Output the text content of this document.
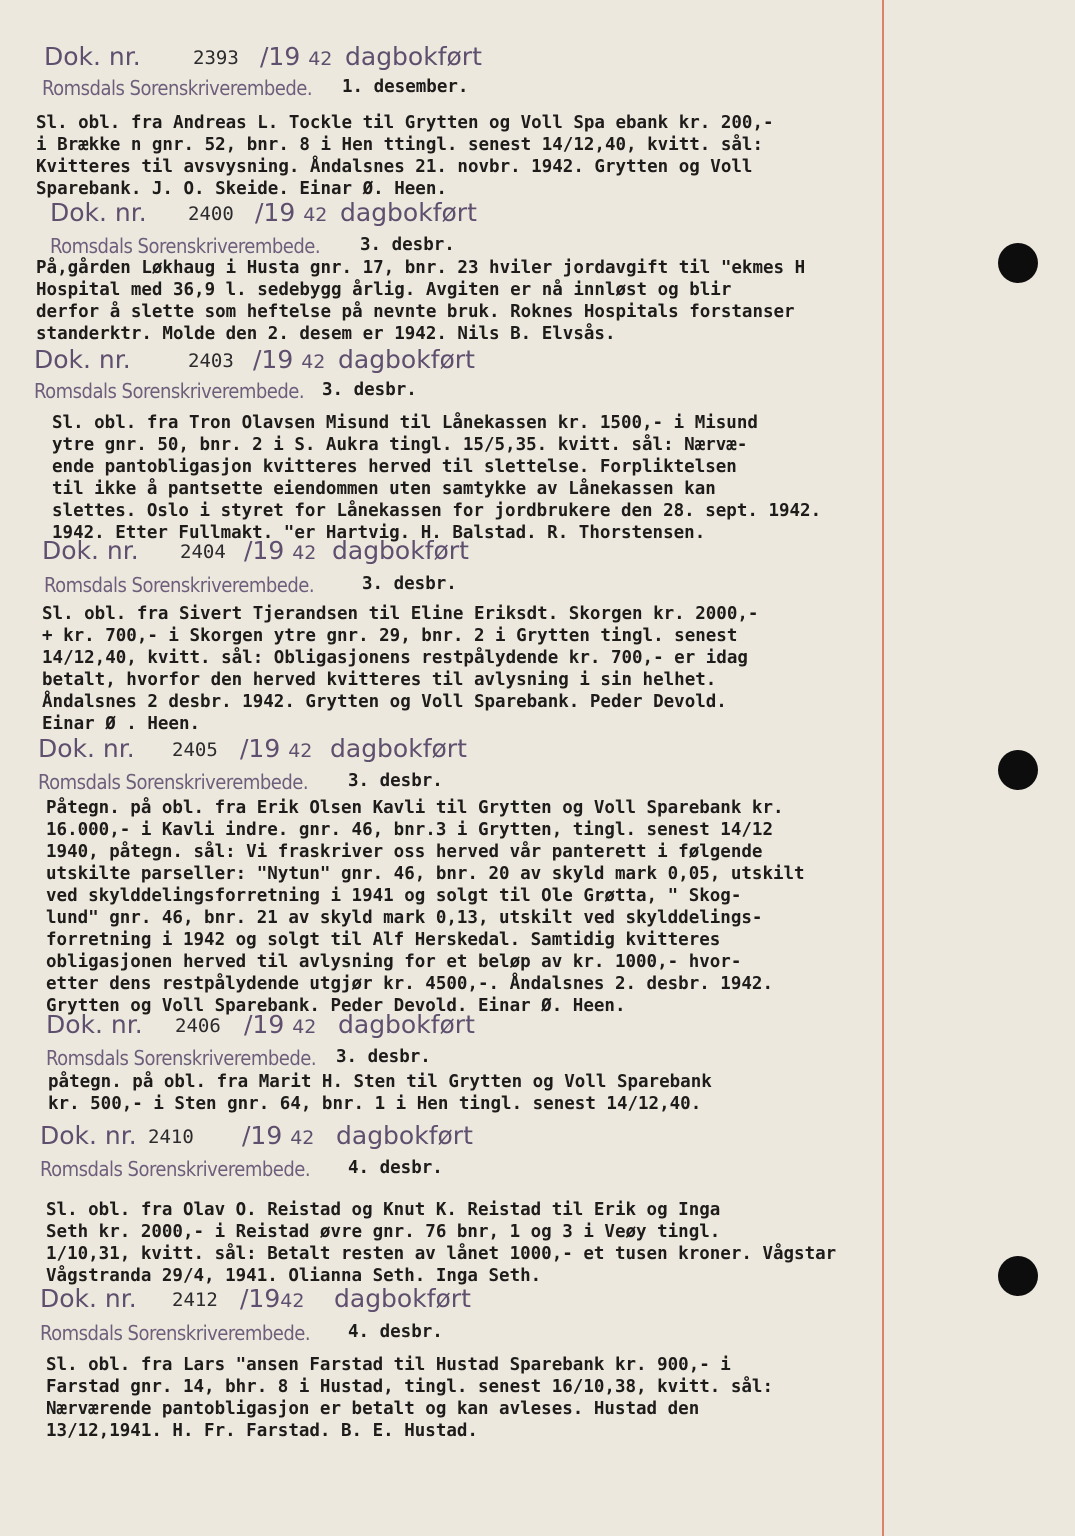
Dok. nr.	2393 /19 42 dagbokført
Romsdals Sorenskriverembede. 1. desember.
Sl. obl. fra Andreas L. Tockle til Grytten og Voll Spa ebank kr. 200,-
i Brække n gnr. 52, bnr. 8 i Hen ttingl. senest 14/12,40, kvitt. sål:
Kvitteres til avsvysning. Åndalsnes 21. novbr. 1942. Grytten og Voll
Sparebank. J. O. Skeide. Einar Ø. Heen.
Dok. nr. 2400 /19 42 dagbokført
Romsdals Sorenskriverembede. 3. desbr.
På,gården Løkhaug i Husta gnr. 17, bnr. 23 hviler jordavgift til "ekmes H
Hospital med 36,9 l. sedebygg årlig. Avgiten er nå innløst og blir
derfor å slette som heftelse på nevnte bruk. Roknes Hospitals forstanser
standerktr. Molde den 2. desem er 1942. Nils B. Elvsås.
Dok. nr.	2403 /19 42 dagbokført
Romsdals Sorenskriverembede. 3. desbr.
Sl. obl. fra Tron Olavsen Misund til Lånekassen kr. 1500,- i Misund
ytre gnr. 50, bnr. 2 i S. Aukra tingl. 15/5,35. kvitt. sål: Nærvæ-
ende pantobligasjon kvitteres herved til slettelse. Forpliktelsen
til ikke å pantsette eiendommen uten samtykke av Lånekassen kan
slettes. Oslo i styret for Lånekassen for jordbrukere den 28. sept. 1942.
1942. Etter Fullmakt. "er Hartvig. H. Balstad. R. Thorstensen.
Dok. nr. 2404 /19 42 dagbokført
Romsdals Sorenskriverembede.	3. desbr.
Sl. obl. fra Sivert Tjerandsen til Eline Eriksdt. Skorgen kr. 2000,-
+ kr. 700,- i Skorgen ytre gnr. 29, bnr. 2 i Grytten tingl. senest
14/12,40, kvitt. sål: Obligasjonens restpålydende kr. 700,- er idag
betalt, hvorfor den herved kvitteres til avlysning i sin helhet.
Åndalsnes 2 desbr. 1942. Grytten og Voll Sparebank. Peder Devold.
Einar Ø . Heen.
Dok. nr. 2405 /19 42 dagbokført
Romsdals Sorenskriverembede. 3. desbr.
Påtegn. på obl. fra Erik Olsen Kavli til Grytten og Voll Sparebank kr.
16.000,- i Kavli indre. gnr. 46, bnr.3 i Grytten, tingl. senest 14/12
1940, påtegn. sål: Vi fraskriver oss herved vår panterett i følgende
utskilte parseller: "Nytun" gnr. 46, bnr. 20 av skyld mark 0,05, utskilt
ved skylddelingsforretning i 1941 og solgt til Ole Grøtta, " Skog-
lund" gnr. 46, bnr. 21 av skyld mark 0,13, utskilt ved skylddelings-
forretning i 1942 og solgt til Alf Herskedal. Samtidig kvitteres
obligasjonen herved til avlysning for et beløp av kr. 1000,- hvor-
etter dens restpålydende utgjør kr. 4500,-. Åndalsnes 2. desbr. 1942.
Grytten og Voll Sparebank. Peder Devold. Einar Ø. Heen.
Dok. nr. 2406 /19 42 dagbokført
Romsdals Sorenskriverembede. 3. desbr.
påtegn. på obl. fra Marit H. Sten til Grytten og Voll Sparebank
kr. 500,- i Sten gnr. 64, bnr. 1 i Hen tingl. senest 14/12,40.
Dok. nr. 2410 /19 42 dagbokført
Romsdals Sorenskriverembede. 4. desbr.
Sl. obl. fra Olav O. Reistad og Knut K. Reistad til Erik og Inga
Seth kr. 2000,- i Reistad øvre gnr. 76 bnr, 1 og 3 i Veøy tingl.
1/10,31, kvitt. sål: Betalt resten av lånet 1000,- et tusen kroner. Vågstar
Vågstranda 29/4, 1941. Olianna Seth. Inga Seth.
Dok. nr. 2412 /1942 dagbokført
Romsdals Sorenskriverembede. 4. desbr.
Sl. obl. fra Lars "ansen Farstad til Hustad Sparebank kr. 900,- i
Farstad gnr. 14, bhr. 8 i Hustad, tingl. senest 16/10,38, kvitt. sål:
Nærværende pantobligasjon er betalt og kan avleses. Hustad den
13/12,1941. H. Fr. Farstad. B. E. Hustad.
